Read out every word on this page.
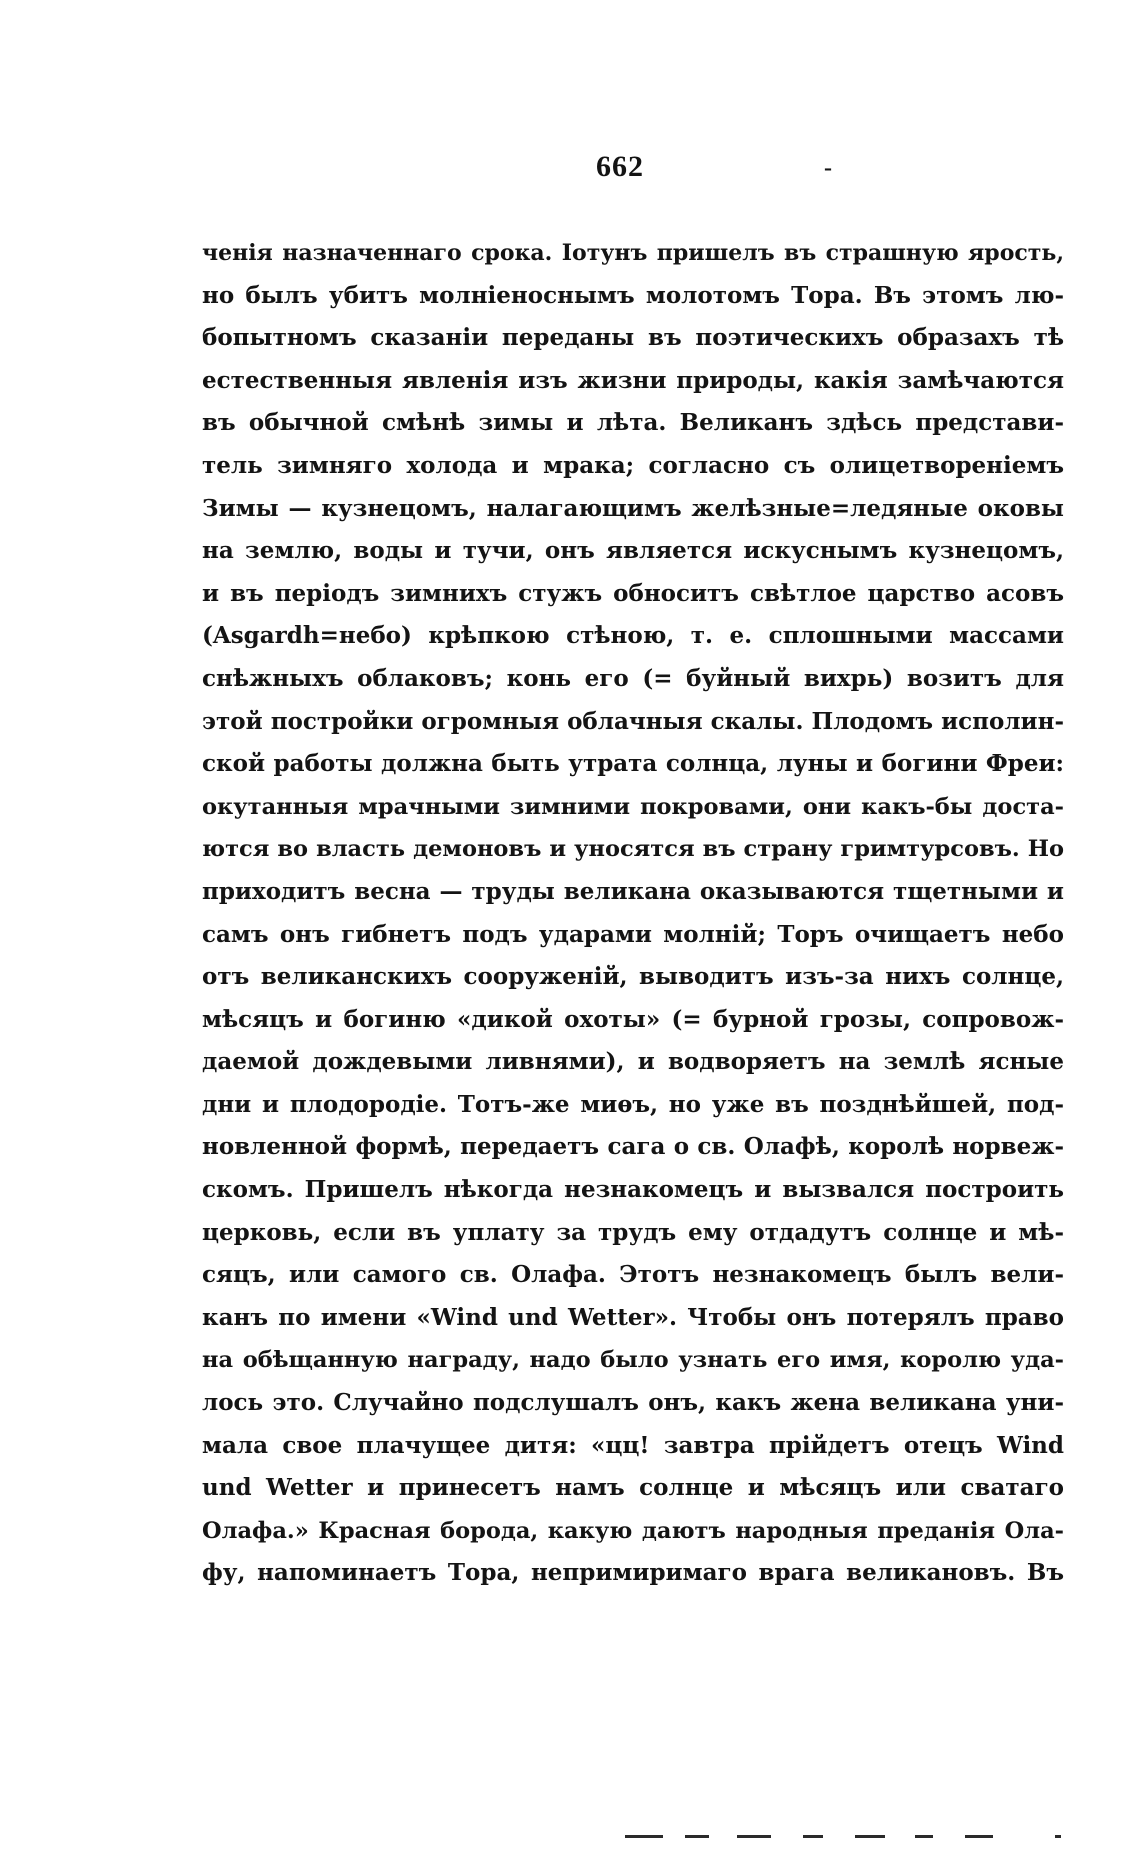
662	-
ченія назначеннаго срока. Іотунъ пришелъ въ страшную ярость,
но былъ убитъ молніеноснымъ молотомъ Тора. Въ этомъ лю-
бопытномъ сказаніи переданы въ поэтическихъ образахъ тѣ
естественныя явленія изъ жизни природы, какія замѣчаются
въ обычной смѣнѣ зимы и лѣта. Великанъ здѣсь представи-
тель зимняго холода и мрака; согласно съ олицетвореніемъ
Зимы — кузнецомъ, налагающимъ желѣзные=ледяные оковы
на землю, воды и тучи, онъ является искуснымъ кузнецомъ,
и въ періодъ зимнихъ стужъ обноситъ свѣтлое царство асовъ
(Asgardh=небо) крѣпкою стѣною, т. е. сплошными массами
снѣжныхъ облаковъ; конь его (= буйный вихрь) возитъ для
этой постройки огромныя облачныя скалы. Плодомъ исполин-
ской работы должна быть утрата солнца, луны и богини Фреи:
окутанныя мрачными зимними покровами, они какъ-бы доста-
ются во власть демоновъ и уносятся въ страну гримтурсовъ. Но
приходитъ весна — труды великана оказываются тщетными и
самъ онъ гибнетъ подъ ударами молній; Торъ очищаетъ небо
отъ великанскихъ сооруженій, выводитъ изъ-за нихъ солнце,
мѣсяцъ и богиню «дикой охоты» (= бурной грозы, сопровож-
даемой дождевыми ливнями), и водворяетъ на землѣ ясные
дни и плодородіе. Тотъ-же миѳъ, но уже въ позднѣйшей, под-
новленной формѣ, передаетъ сага о св. Олафѣ, королѣ норвеж-
скомъ. Пришелъ нѣкогда незнакомецъ и вызвался построить
церковь, если въ уплату за трудъ ему отдадутъ солнце и мѣ-
сяцъ, или самого св. Олафа. Этотъ незнакомецъ былъ вели-
канъ по имени «Wind und Wetter». Чтобы онъ потерялъ право
на обѣщанную награду, надо было узнать его имя, королю уда-
лось это. Случайно подслушалъ онъ, какъ жена великана уни-
мала свое плачущее дитя: «цц! завтра прійдетъ отецъ Wind
und Wetter и принесетъ намъ солнце и мѣсяцъ или сватаго
Олафа.» Красная борода, какую даютъ народныя преданія Ола-
фу, напоминаетъ Тора, непримиримаго врага великановъ. Въ
